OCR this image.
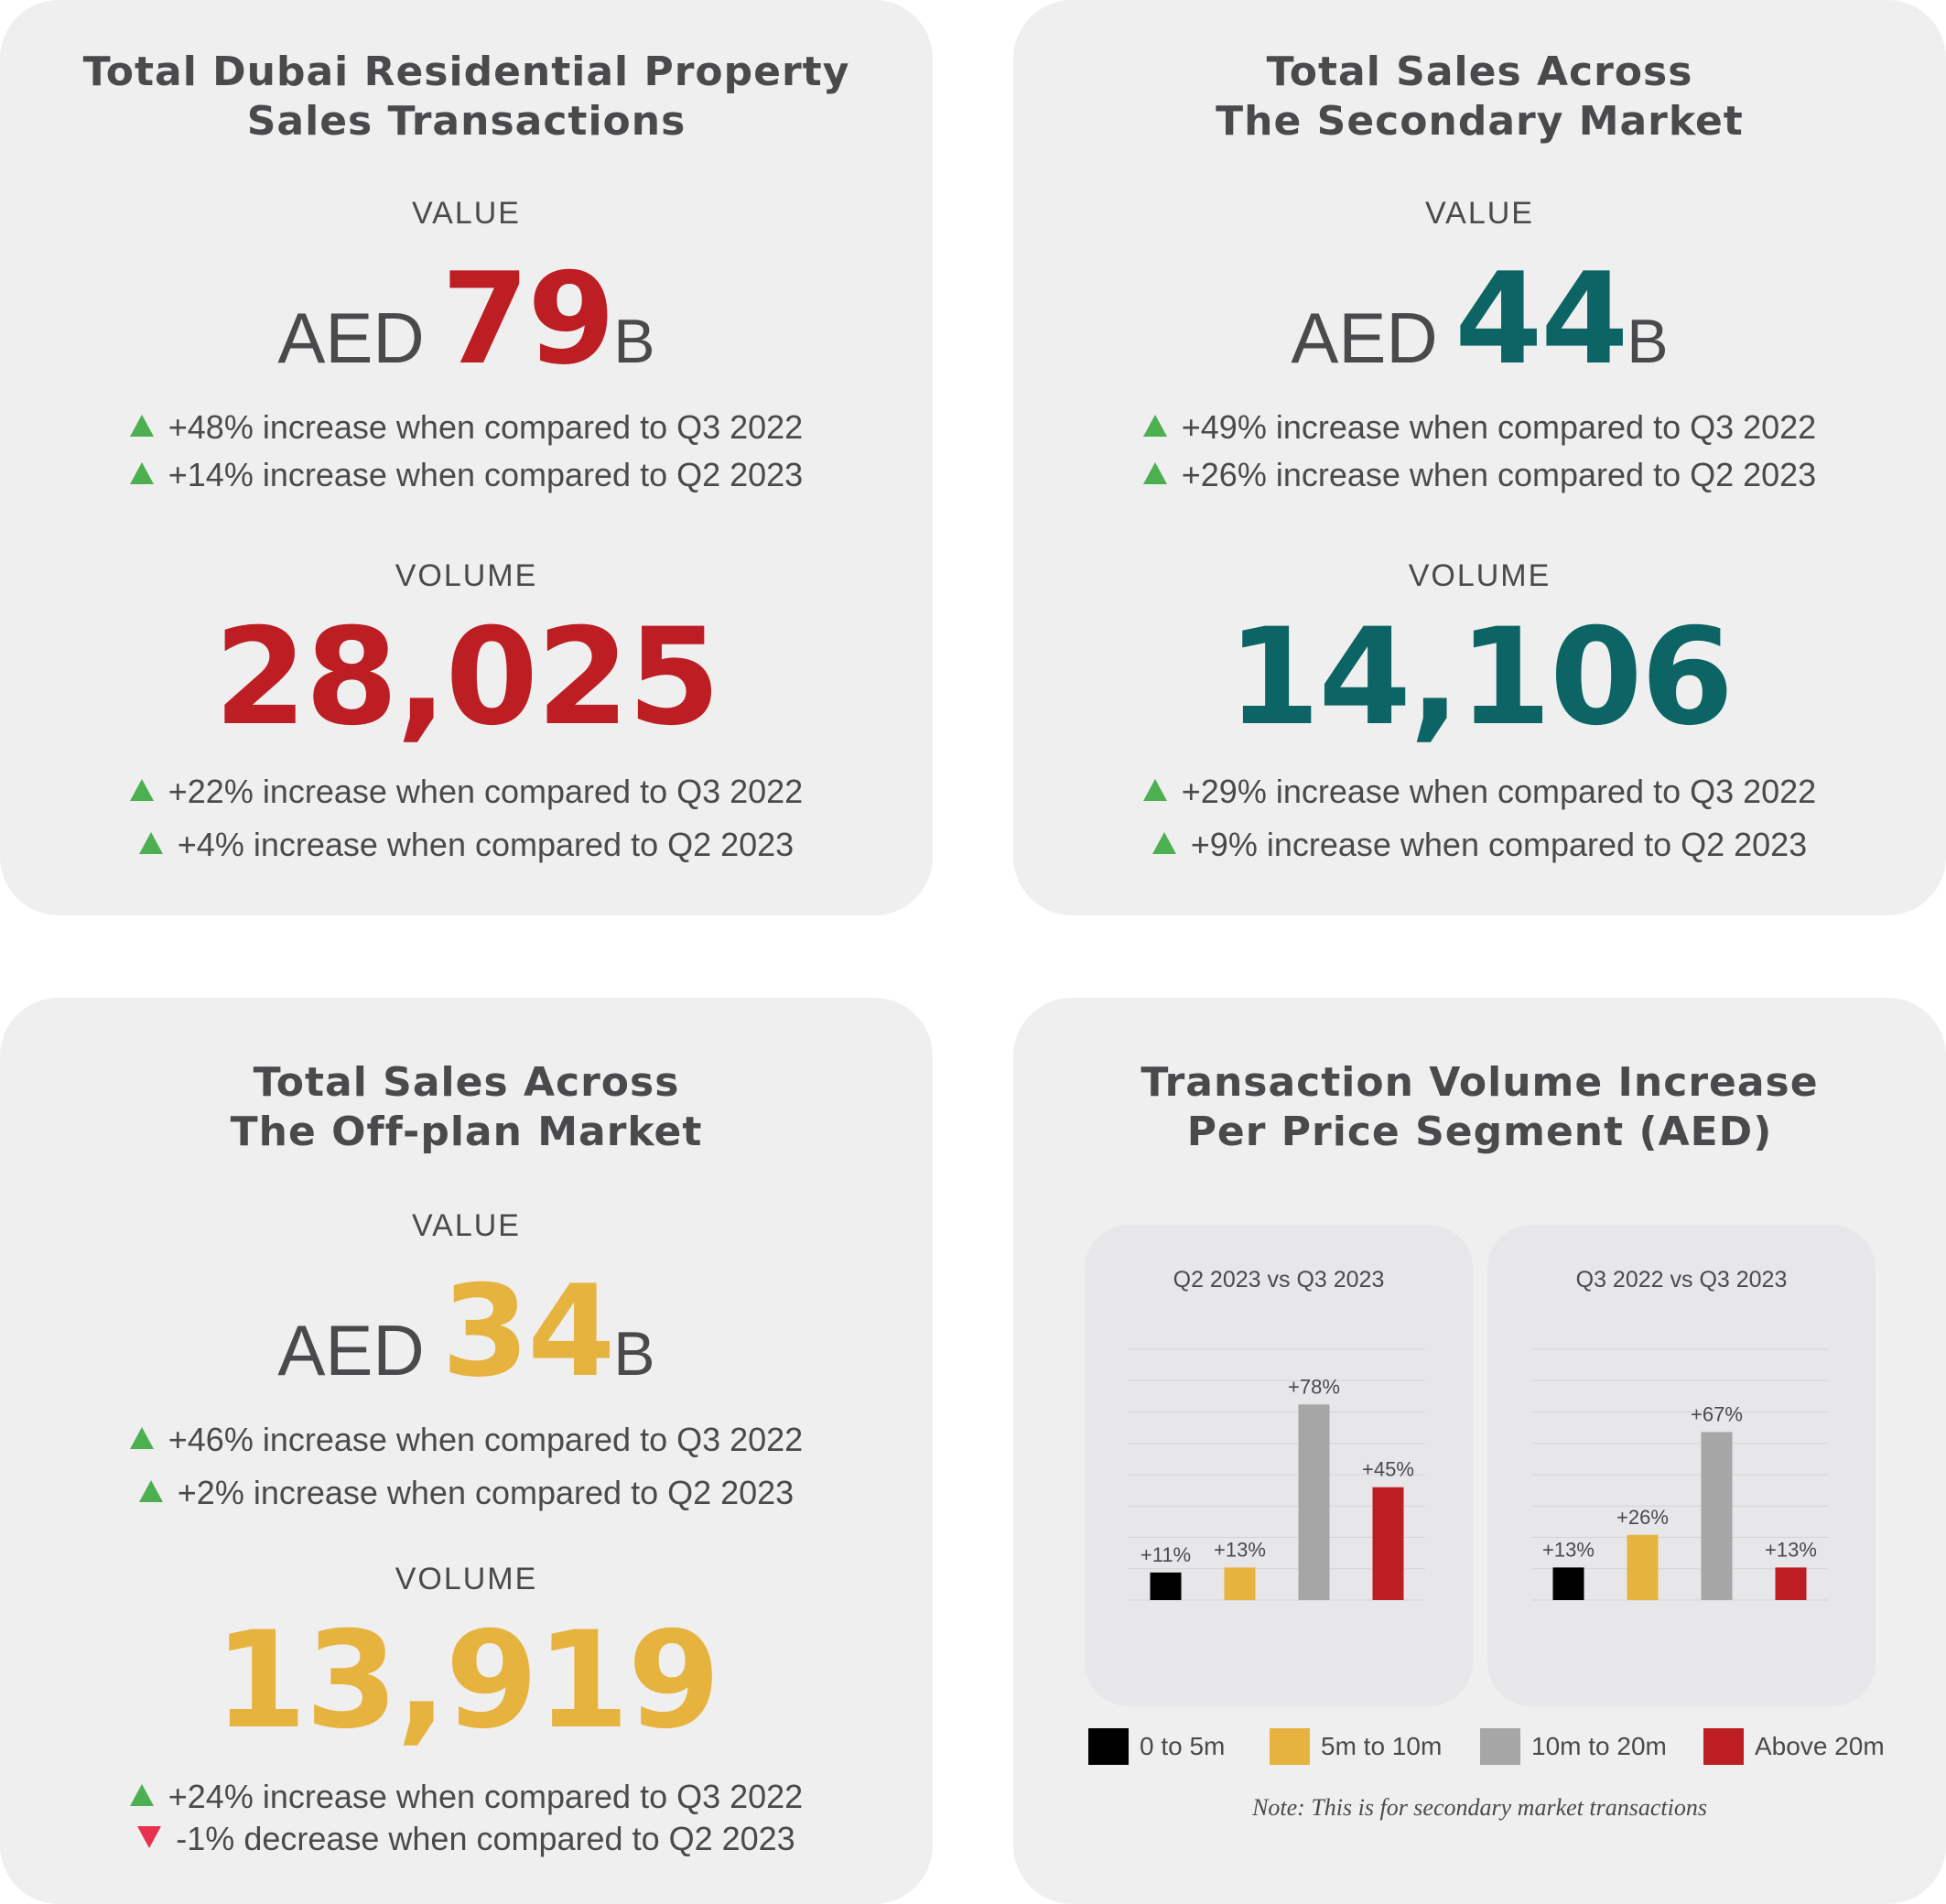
Total Dubai Residential Property
Sales Transactions
VALUE
AED 79B
+48% increase when compared to Q3 2022
+14% increase when compared to Q2 2023
VOLUME
28,025
+22% increase when compared to Q3 2022
+4% increase when compared to Q2 2023
Total Sales Across
The Secondary Market
VALUE
AED 44B
+49% increase when compared to Q3 2022
+26% increase when compared to Q2 2023
VOLUME
14,106
+29% increase when compared to Q3 2022
+9% increase when compared to Q2 2023
Total Sales Across
The Off-plan Market
VALUE
AED 34B
+46% increase when compared to Q3 2022
+2% increase when compared to Q2 2023
VOLUME
13,919
+24% increase when compared to Q3 2022
-1% decrease when compared to Q2 2023
Transaction Volume Increase
Per Price Segment (AED)
Q2 2023 vs Q3 2023
+11% +13%
+78%
+45%
Q3 2022 vs Q3 2023
+13%
+26%
+67%
+13%
0 to 5m	5m to 10m	10m to 20m	Above 20m
Note: This is for secondary market transactions
